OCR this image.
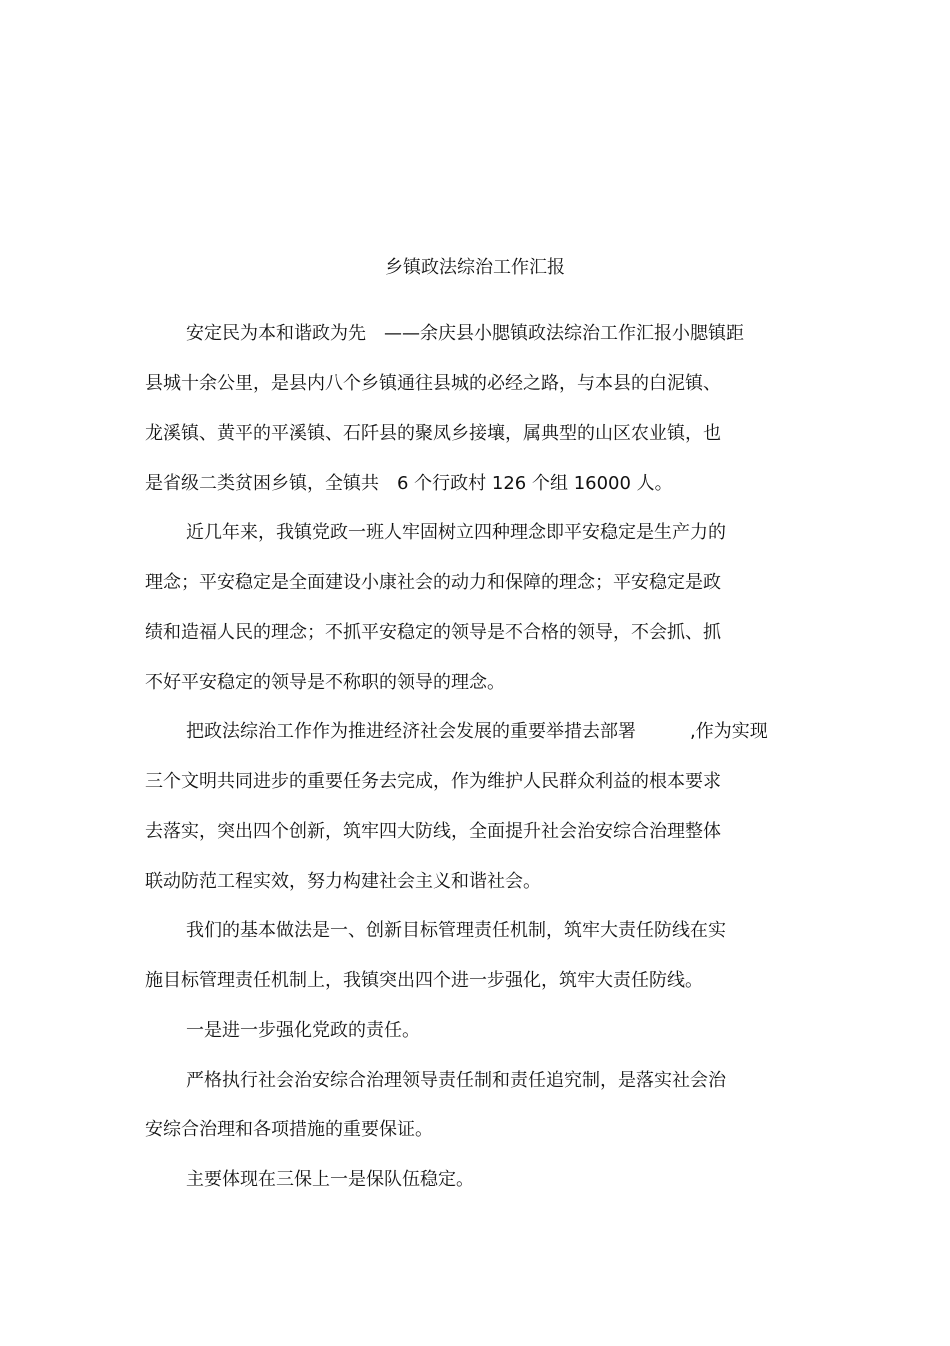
乡镇政法综治工作汇报
安定民为本和谐政为先　——余庆县小腮镇政法综治工作汇报小腮镇距
县城十余公里，是县内八个乡镇通往县城的必经之路，与本县的白泥镇、
龙溪镇、黄平的平溪镇、石阡县的聚凤乡接壤，属典型的山区农业镇，也
是省级二类贫困乡镇，全镇共　6 个行政村 126 个组 16000 人。
近几年来，我镇党政一班人牢固树立四种理念即平安稳定是生产力的
理念；平安稳定是全面建设小康社会的动力和保障的理念；平安稳定是政
绩和造福人民的理念；不抓平安稳定的领导是不合格的领导，不会抓、抓
不好平安稳定的领导是不称职的领导的理念。
把政法综治工作作为推进经济社会发展的重要举措去部署　　　,作为实现
三个文明共同进步的重要任务去完成，作为维护人民群众利益的根本要求
去落实，突出四个创新，筑牢四大防线，全面提升社会治安综合治理整体
联动防范工程实效，努力构建社会主义和谐社会。
我们的基本做法是一、创新目标管理责任机制，筑牢大责任防线在实
施目标管理责任机制上，我镇突出四个进一步强化，筑牢大责任防线。
一是进一步强化党政的责任。
严格执行社会治安综合治理领导责任制和责任追究制，是落实社会治
安综合治理和各项措施的重要保证。
主要体现在三保上一是保队伍稳定。
